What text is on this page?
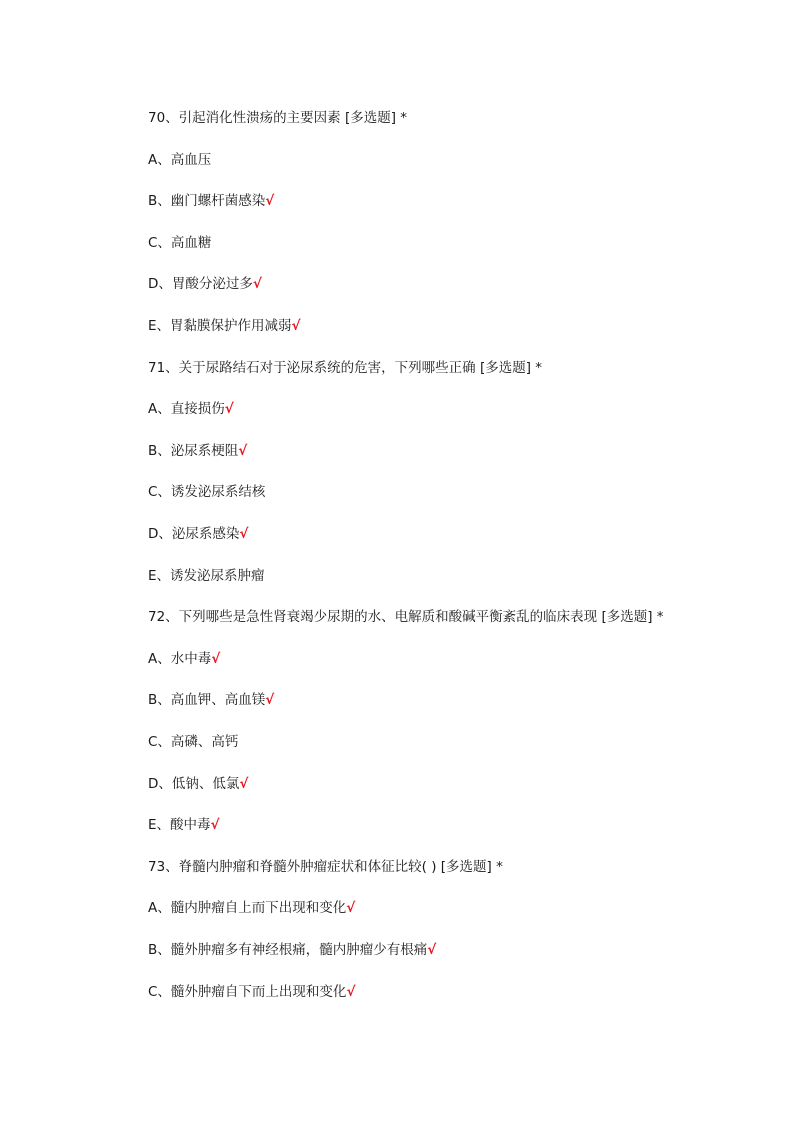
70、引起消化性溃疡的主要因素 [多选题] *
A、高血压
B、幽门螺杆菌感染√
C、高血糖
D、胃酸分泌过多√
E、胃黏膜保护作用减弱√
71、关于尿路结石对于泌尿系统的危害，下列哪些正确 [多选题] *
A、直接损伤√
B、泌尿系梗阻√
C、诱发泌尿系结核
D、泌尿系感染√
E、诱发泌尿系肿瘤
72、下列哪些是急性肾衰竭少尿期的水、电解质和酸碱平衡紊乱的临床表现 [多选题] *
A、水中毒√
B、高血钾、高血镁√
C、高磷、高钙
D、低钠、低氯√
E、酸中毒√
73、脊髓内肿瘤和脊髓外肿瘤症状和体征比较( ) [多选题] *
A、髓内肿瘤自上而下出现和变化√
B、髓外肿瘤多有神经根痛，髓内肿瘤少有根痛√
C、髓外肿瘤自下而上出现和变化√
